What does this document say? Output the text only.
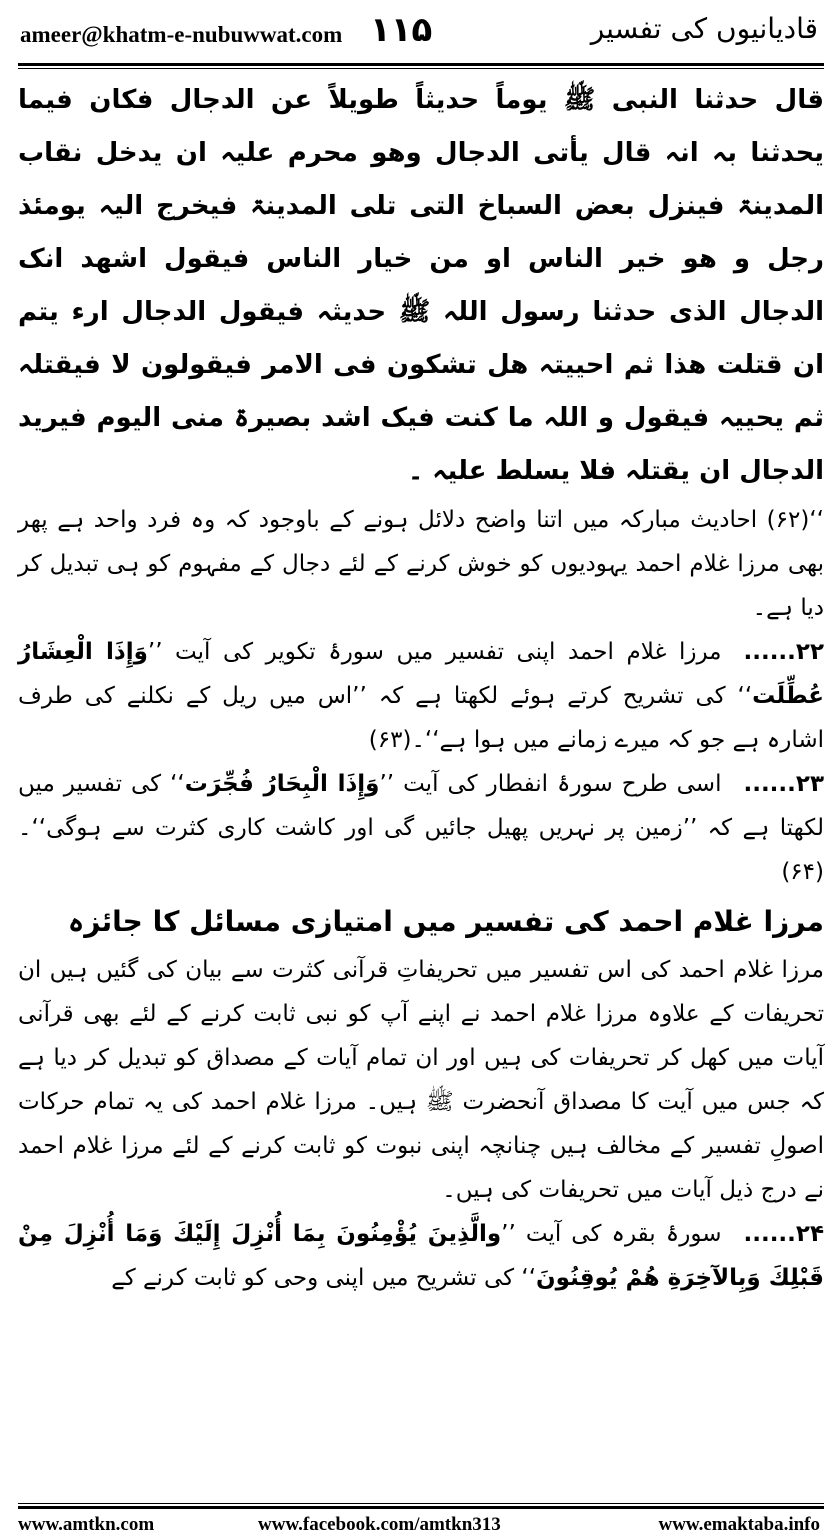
ameer@khatm-e-nubuwwat.com ۱۱۵	قادیانیوں کی تفسیر

قال حدثنا النبی ﷺ یوماً حدیثاً طویلاً عن الدجال فکان فیما یحدثنا بہ انہ قال یأتی الدجال وھو محرم علیہ ان یدخل نقاب المدینۃ فینزل بعض السباخ التی تلی المدینۃ فیخرج الیہ یومئذ رجل و ھو خیر الناس او من خیار الناس فیقول اشھد انک الدجال الذی حدثنا رسول اللہ ﷺ حدیثہ فیقول الدجال ارء یتم ان قتلت ھذا ثم احییتہ ھل تشکون فی الامر فیقولون لا فیقتلہ ثم یحییہ فیقول و اللہ ما کنت فیک اشد بصیرۃ منی الیوم فیرید الدجال ان یقتلہ فلا یسلط علیہ ۔

‘‘(۶۲) احادیث مبارکہ میں اتنا واضح دلائل ہونے کے باوجود کہ وہ فرد واحد ہے پھر بھی مرزا غلام احمد یہودیوں کو خوش کرنے کے لئے دجال کے مفہوم کو ہی تبدیل کر دیا ہے۔

۲۲......مرزا غلام احمد اپنی تفسیر میں سورۂ تکویر کی آیت ’’وَإِذَا الْعِشَارُ عُطِّلَت‘‘ کی تشریح کرتے ہوئے لکھتا ہے کہ ’’اس میں ریل کے نکلنے کی طرف اشارہ ہے جو کہ میرے زمانے میں ہوا ہے‘‘۔(۶۳)

۲۳......اسی طرح سورۂ انفطار کی آیت ’’وَإِذَا الْبِحَارُ فُجِّرَت‘‘ کی تفسیر میں لکھتا ہے کہ ’’زمین پر نہریں پھیل جائیں گی اور کاشت کاری کثرت سے ہوگی‘‘۔(۶۴)

مرزا غلام احمد کی تفسیر میں امتیازی مسائل کا جائزہ

مرزا غلام احمد کی اس تفسیر میں تحریفاتِ قرآنی کثرت سے بیان کی گئیں ہیں ان تحریفات کے علاوہ مرزا غلام احمد نے اپنے آپ کو نبی ثابت کرنے کے لئے بھی قرآنی آیات میں کھل کر تحریفات کی ہیں اور ان تمام آیات کے مصداق کو تبدیل کر دیا ہے کہ جس میں آیت کا مصداق آنحضرت ﷺ ہیں۔ مرزا غلام احمد کی یہ تمام حرکات اصولِ تفسیر کے مخالف ہیں چنانچہ اپنی نبوت کو ثابت کرنے کے لئے مرزا غلام احمد نے درج ذیل آیات میں تحریفات کی ہیں۔

۲۴......سورۂ بقرہ کی آیت ’’والَّذِينَ يُؤْمِنُونَ بِمَا أُنْزِلَ إِلَيْكَ وَمَا أُنْزِلَ مِنْ قَبْلِكَ وَبِالآخِرَةِ هُمْ يُوقِنُونَ‘‘ کی تشریح میں اپنی وحی کو ثابت کرنے کے

www.amtkn.com	www.facebook.com/amtkn313	www.emaktaba.info
